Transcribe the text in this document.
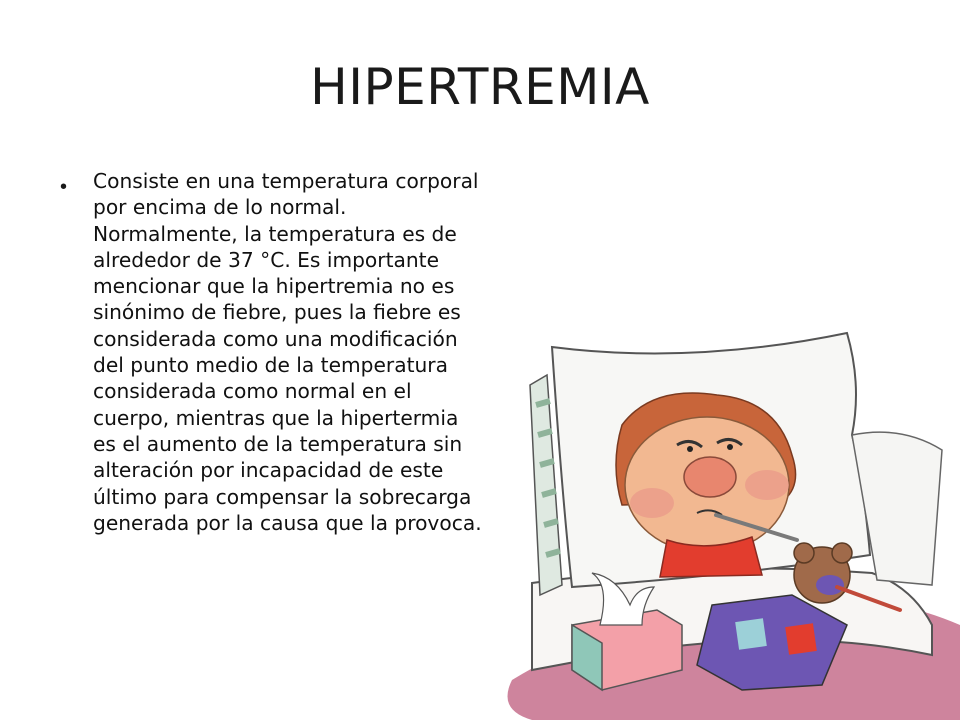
HIPERTREMIA
• Consiste en una temperatura corporal por encima de lo normal. Normalmente, la temperatura es de alrededor de 37 °C. Es importante mencionar que la hipertremia no es sinónimo de fiebre, pues la fiebre es considerada como una modificación del punto medio de la temperatura considerada como normal en el cuerpo, mientras que la hipertermia es el aumento de la temperatura sin alteración por incapacidad de este último para compensar la sobrecarga generada por la causa que la provoca.
